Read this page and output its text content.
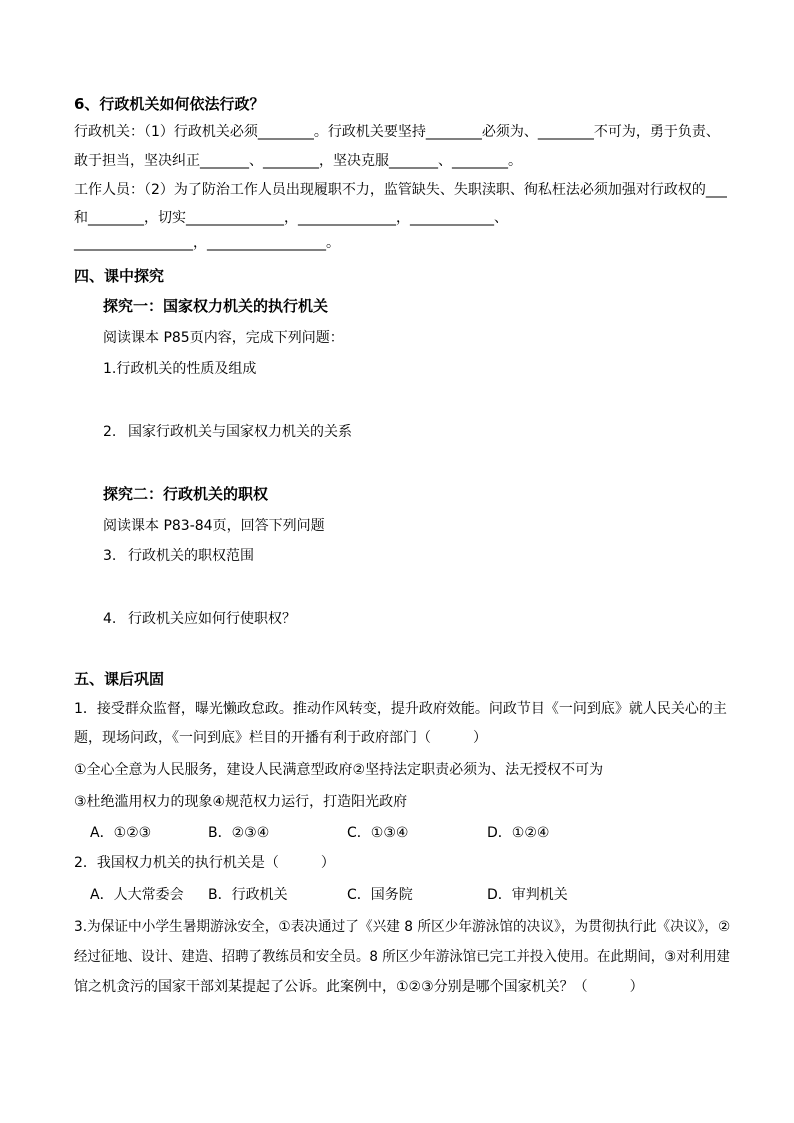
6、行政机关如何依法行政？
行政机关：（1）行政机关必须________。行政机关要坚持________必须为、________不可为，勇于负责、
敢于担当，坚决纠正_______、________，坚决克服_______、________。
工作人员：（2）为了防治工作人员出现履职不力，监管缺失、失职渎职、徇私枉法必须加强对行政权的___
和________，切实______________，______________，____________、
_________________，_________________。
四、课中探究
探究一：国家权力机关的执行机关
阅读课本 P85页内容，完成下列问题：
1.行政机关的性质及组成
2. 国家行政机关与国家权力机关的关系
探究二：行政机关的职权
阅读课本 P83-84页，回答下列问题
3. 行政机关的职权范围
4. 行政机关应如何行使职权？
五、课后巩固
1．接受群众监督，曝光懒政怠政。推动作风转变，提升政府效能。问政节目《一问到底》就人民关心的主
题，现场问政，《一问到底》栏目的开播有利于政府部门（　　　）
①全心全意为人民服务，建设人民满意型政府②坚持法定职责必须为、法无授权不可为
③杜绝滥用权力的现象④规范权力运行，打造阳光政府
A．①②③	B．②③④	C．①③④	D．①②④
2．我国权力机关的执行机关是（　　　）
A．人大常委会 B．行政机关	C．国务院	D．审判机关
3.为保证中小学生暑期游泳安全，①表决通过了《兴建 8 所区少年游泳馆的决议》，为贯彻执行此《决议》，②
经过征地、设计、建造、招聘了教练员和安全员。8 所区少年游泳馆已完工并投入使用。在此期间，③对利用建
馆之机贪污的国家干部刘某提起了公诉。此案例中，①②③分别是哪个国家机关？（　　　）
